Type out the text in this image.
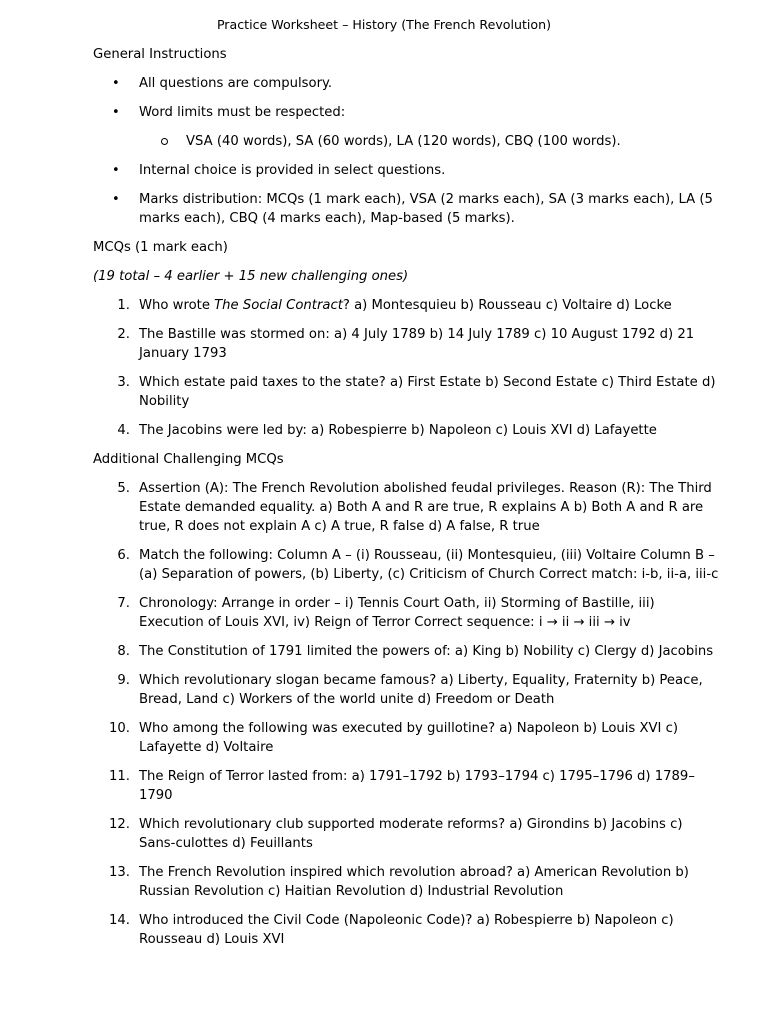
Practice Worksheet – History (The French Revolution)
General Instructions
• All questions are compulsory.
• Word limits must be respected:
VSA (40 words), SA (60 words), LA (120 words), CBQ (100 words).
• Internal choice is provided in select questions.
• Marks distribution: MCQs (1 mark each), VSA (2 marks each), SA (3 marks each), LA (5 marks each), CBQ (4 marks each), Map-based (5 marks).
MCQs (1 mark each)
(19 total – 4 earlier + 15 new challenging ones)
1. Who wrote The Social Contract? a) Montesquieu b) Rousseau c) Voltaire d) Locke
2. The Bastille was stormed on: a) 4 July 1789 b) 14 July 1789 c) 10 August 1792 d) 21 January 1793
3. Which estate paid taxes to the state? a) First Estate b) Second Estate c) Third Estate d) Nobility
4. The Jacobins were led by: a) Robespierre b) Napoleon c) Louis XVI d) Lafayette
Additional Challenging MCQs
5. Assertion (A): The French Revolution abolished feudal privileges. Reason (R): The Third Estate demanded equality. a) Both A and R are true, R explains A b) Both A and R are true, R does not explain A c) A true, R false d) A false, R true
6. Match the following: Column A – (i) Rousseau, (ii) Montesquieu, (iii) Voltaire Column B – (a) Separation of powers, (b) Liberty, (c) Criticism of Church Correct match: i-b, ii-a, iii-c
7. Chronology: Arrange in order – i) Tennis Court Oath, ii) Storming of Bastille, iii) Execution of Louis XVI, iv) Reign of Terror Correct sequence: i → ii → iii → iv
8. The Constitution of 1791 limited the powers of: a) King b) Nobility c) Clergy d) Jacobins
9. Which revolutionary slogan became famous? a) Liberty, Equality, Fraternity b) Peace, Bread, Land c) Workers of the world unite d) Freedom or Death
10. Who among the following was executed by guillotine? a) Napoleon b) Louis XVI c) Lafayette d) Voltaire
11. The Reign of Terror lasted from: a) 1791–1792 b) 1793–1794 c) 1795–1796 d) 1789–1790
12. Which revolutionary club supported moderate reforms? a) Girondins b) Jacobins c) Sans-culottes d) Feuillants
13. The French Revolution inspired which revolution abroad? a) American Revolution b) Russian Revolution c) Haitian Revolution d) Industrial Revolution
14. Who introduced the Civil Code (Napoleonic Code)? a) Robespierre b) Napoleon c) Rousseau d) Louis XVI
